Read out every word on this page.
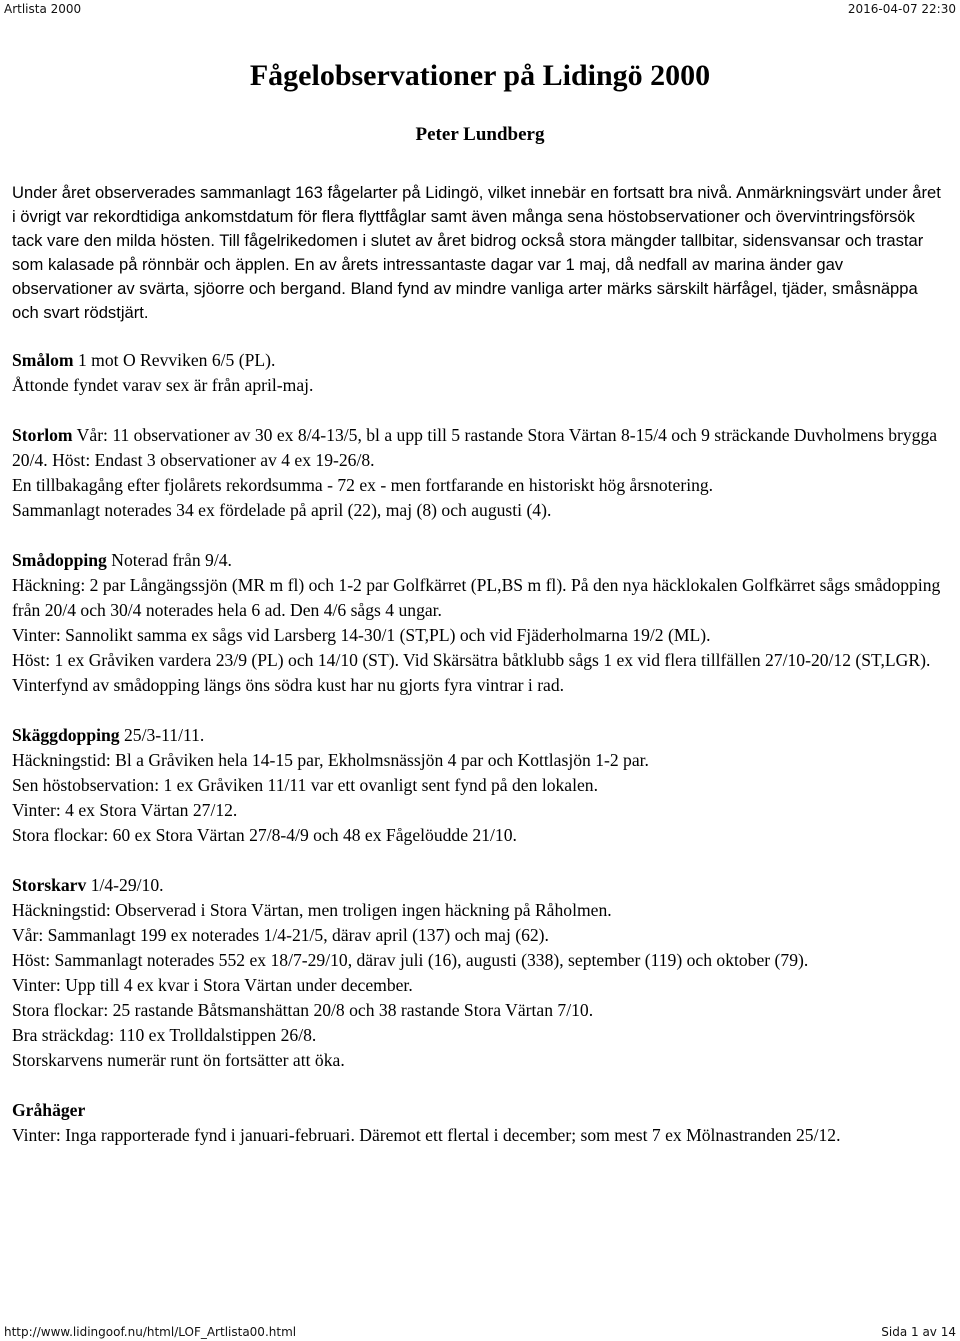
Artlista 2000	2016-04-07 22:30
Fågelobservationer på Lidingö 2000
Peter Lundberg

Under året observerades sammanlagt 163 fågelarter på Lidingö, vilket innebär en fortsatt bra nivå. Anmärkningsvärt under året i övrigt var rekordtidiga ankomstdatum för flera flyttfåglar samt även många sena höstobservationer och övervintringsförsök tack vare den milda hösten. Till fågelrikedomen i slutet av året bidrog också stora mängder tallbitar, sidensvansar och trastar som kalasade på rönnbär och äpplen. En av årets intressantaste dagar var 1 maj, då nedfall av marina änder gav observationer av svärta, sjöorre och bergand. Bland fynd av mindre vanliga arter märks särskilt härfågel, tjäder, småsnäppa och svart rödstjärt.

Smålom 1 mot O Revviken 6/5 (PL).
Åttonde fyndet varav sex är från april-maj.
Storlom Vår: 11 observationer av 30 ex 8/4-13/5, bl a upp till 5 rastande Stora Värtan 8-15/4 och 9 sträckande Duvholmens brygga 20/4. Höst: Endast 3 observationer av 4 ex 19-26/8.
En tillbakagång efter fjolårets rekordsumma - 72 ex - men fortfarande en historiskt hög årsnotering.
Sammanlagt noterades 34 ex fördelade på april (22), maj (8) och augusti (4).
Smådopping Noterad från 9/4.
Häckning: 2 par Långängssjön (MR m fl) och 1-2 par Golfkärret (PL,BS m fl). På den nya häcklokalen Golfkärret sågs smådopping från 20/4 och 30/4 noterades hela 6 ad. Den 4/6 sågs 4 ungar.
Vinter: Sannolikt samma ex sågs vid Larsberg 14-30/1 (ST,PL) och vid Fjäderholmarna 19/2 (ML).
Höst: 1 ex Gråviken vardera 23/9 (PL) och 14/10 (ST). Vid Skärsätra båtklubb sågs 1 ex vid flera tillfällen 27/10-20/12 (ST,LGR).
Vinterfynd av smådopping längs öns södra kust har nu gjorts fyra vintrar i rad.
Skäggdopping 25/3-11/11.
Häckningstid: Bl a Gråviken hela 14-15 par, Ekholmsnässjön 4 par och Kottlasjön 1-2 par.
Sen höstobservation: 1 ex Gråviken 11/11 var ett ovanligt sent fynd på den lokalen.
Vinter: 4 ex Stora Värtan 27/12.
Stora flockar: 60 ex Stora Värtan 27/8-4/9 och 48 ex Fågelöudde 21/10.
Storskarv 1/4-29/10.
Häckningstid: Observerad i Stora Värtan, men troligen ingen häckning på Råholmen.
Vår: Sammanlagt 199 ex noterades 1/4-21/5, därav april (137) och maj (62).
Höst: Sammanlagt noterades 552 ex 18/7-29/10, därav juli (16), augusti (338), september (119) och oktober (79).
Vinter: Upp till 4 ex kvar i Stora Värtan under december.
Stora flockar: 25 rastande Båtsmanshättan 20/8 och 38 rastande Stora Värtan 7/10.
Bra sträckdag: 110 ex Trolldalstippen 26/8.
Storskarvens numerär runt ön fortsätter att öka.
Gråhäger
Vinter: Inga rapporterade fynd i januari-februari. Däremot ett flertal i december; som mest 7 ex Mölnastranden 25/12.
http://www.lidingoof.nu/html/LOF_Artlista00.html	Sida 1 av 14
